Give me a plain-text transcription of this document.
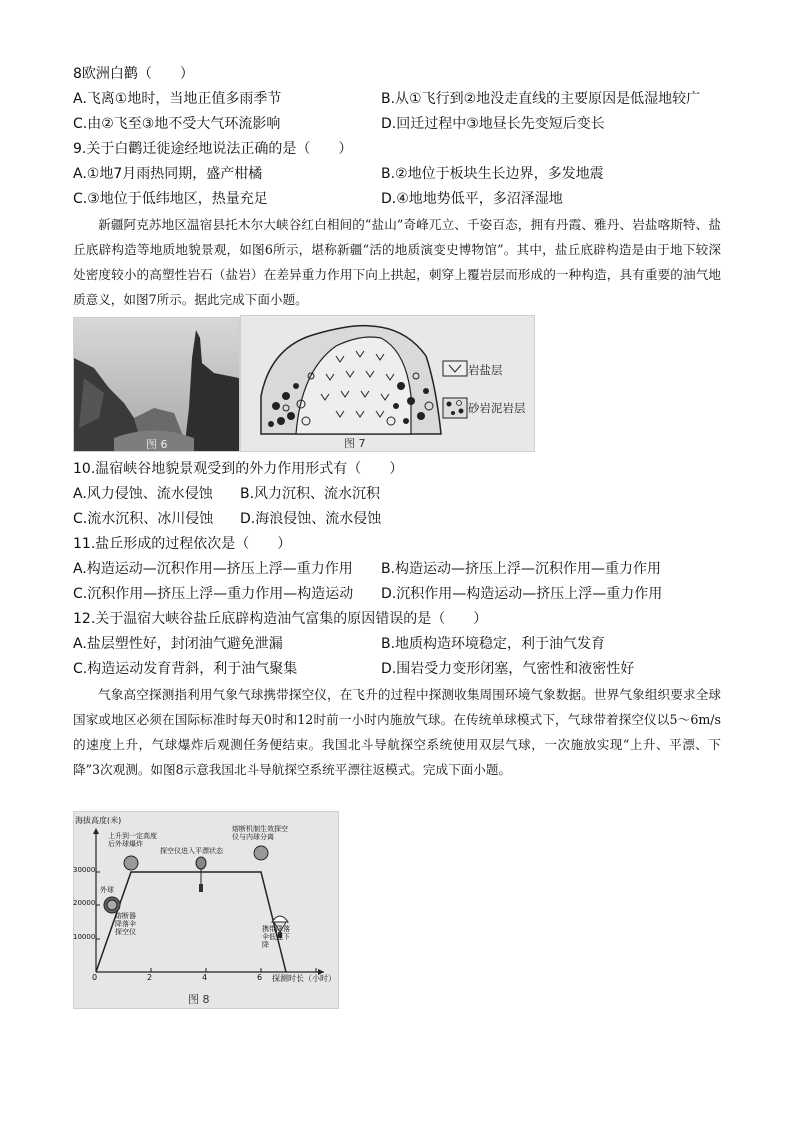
8欧洲白鹳（　　）
A.飞离①地时，当地正值多雨季节	B.从①飞行到②地没走直线的主要原因是低湿地较广
C.由②飞至③地不受大气环流影响	D.回迁过程中③地昼长先变短后变长
9.关于白鹳迁徙途经地说法正确的是（　　）
A.①地7月雨热同期，盛产柑橘	B.②地位于板块生长边界，多发地震
C.③地位于低纬地区，热量充足	D.④地地势低平，多沼泽湿地
新疆阿克苏地区温宿县托木尔大峡谷红白相间的“盐山”奇峰兀立、千姿百态，拥有丹霞、雅丹、岩盐喀斯特、盐丘底辟构造等地质地貌景观，如图6所示，堪称新疆“活的地质演变史博物馆”。其中，盐丘底辟构造是由于地下较深处密度较小的高塑性岩石（盐岩）在差异重力作用下向上拱起，刺穿上覆岩层而形成的一种构造，具有重要的油气地质意义，如图7所示。据此完成下面小题。
图 6
岩盐层
砂岩泥岩层
图 7
10.温宿峡谷地貌景观受到的外力作用形式有（　　）
A.风力侵蚀、流水侵蚀 B.风力沉积、流水沉积
C.流水沉积、冰川侵蚀 D.海浪侵蚀、流水侵蚀
11.盐丘形成的过程依次是（　　）
A.构造运动—沉积作用—挤压上浮—重力作用 B.构造运动—挤压上浮—沉积作用—重力作用
C.沉积作用—挤压上浮—重力作用—构造运动 D.沉积作用—构造运动—挤压上浮—重力作用
12.关于温宿大峡谷盐丘底辟构造油气富集的原因错误的是（　　）
A.盐层塑性好，封闭油气避免泄漏	B.地质构造环境稳定，利于油气发育
C.构造运动发育背斜，利于油气聚集	D.围岩受力变形闭塞，气密性和液密性好
气象高空探测指利用气象气球携带探空仪，在飞升的过程中探测收集周围环境气象数据。世界气象组织要求全球国家或地区必须在国际标准时每天0时和12时前一小时内施放气球。在传统单球模式下，气球带着探空仪以5～6m/s的速度上升，气球爆炸后观测任务便结束。我国北斗导航探空系统使用双层气球，一次施放实现“上升、平漂、下降”3次观测。如图8示意我国北斗导航探空系统平漂往返模式。完成下面小题。
海拔高度(米)
探测时长（小时）
30000
20000
10000
0	2	4	6
上升到一定高度后外球爆炸
探空仪进入平漂状态
熔断机制生效探空仪与内球分离
外球
熔断器降落伞探空仪	携带降落伞低速下降
图 8
